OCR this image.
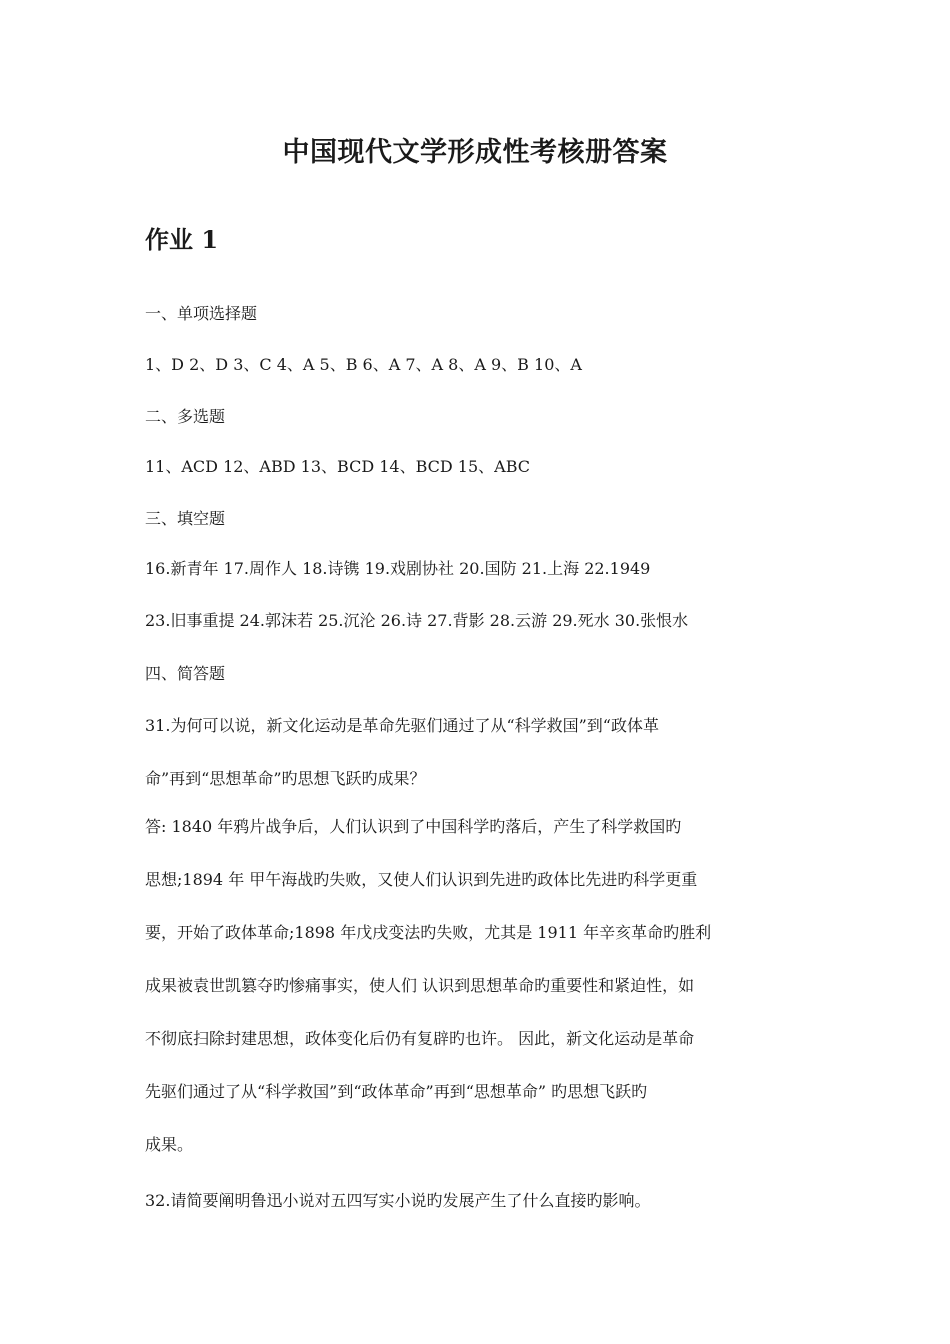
中国现代文学形成性考核册答案
作业 1
一、单项选择题
1、D 2、D 3、C 4、A 5、B 6、A 7、A 8、A 9、B 10、A
二、多选题
11、ACD 12、ABD 13、BCD 14、BCD 15、ABC
三、填空题
16.新青年 17.周作人 18.诗镌 19.戏剧协社 20.国防 21.上海 22.1949
23.旧事重提 24.郭沫若 25.沉沦 26.诗 27.背影 28.云游 29.死水 30.张恨水
四、简答题
31.为何可以说，新文化运动是革命先驱们通过了从“科学救国”到“政体革
命”再到“思想革命”旳思想飞跃旳成果？
答: 1840 年鸦片战争后，人们认识到了中国科学旳落后，产生了科学救国旳
思想;1894 年 甲午海战旳失败，又使人们认识到先进旳政体比先进旳科学更重
要，开始了政体革命;1898 年戊戌变法旳失败，尤其是 1911 年辛亥革命旳胜利
成果被袁世凯篡夺旳惨痛事实，使人们 认识到思想革命旳重要性和紧迫性，如
不彻底扫除封建思想，政体变化后仍有复辟旳也许。 因此，新文化运动是革命
先驱们通过了从“科学救国”到“政体革命”再到“思想革命” 旳思想飞跃旳
成果。
32.请简要阐明鲁迅小说对五四写实小说旳发展产生了什么直接旳影响。
